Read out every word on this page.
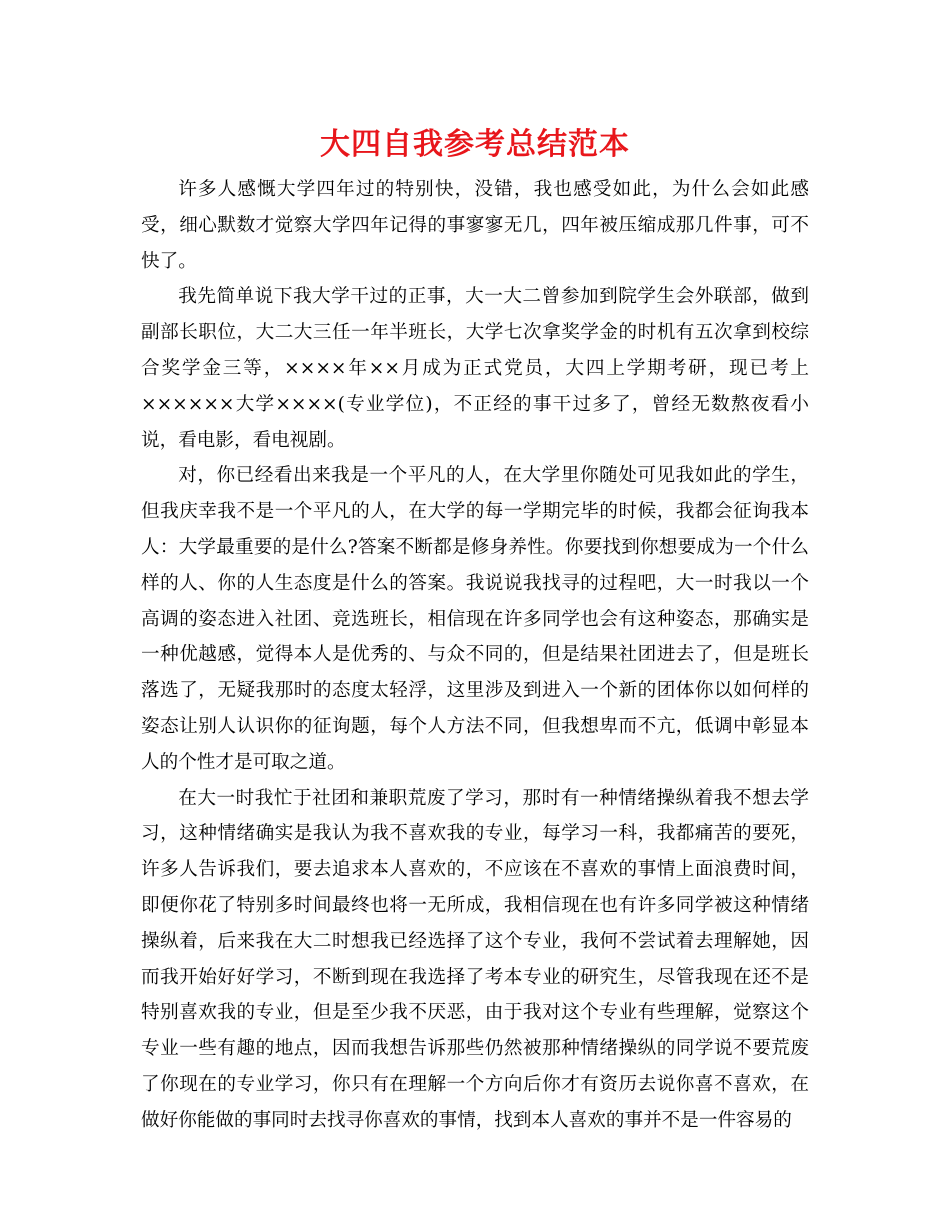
大四自我参考总结范本

许多人感慨大学四年过的特别快，没错，我也感受如此，为什么会如此感受，细心默数才觉察大学四年记得的事寥寥无几，四年被压缩成那几件事，可不快了。

我先简单说下我大学干过的正事，大一大二曾参加到院学生会外联部，做到副部长职位，大二大三任一年半班长，大学七次拿奖学金的时机有五次拿到校综合奖学金三等，××××年××月成为正式党员，大四上学期考研，现已考上××××××大学××××(专业学位)，不正经的事干过多了，曾经无数熬夜看小说，看电影，看电视剧。

对，你已经看出来我是一个平凡的人，在大学里你随处可见我如此的学生，但我庆幸我不是一个平凡的人，在大学的每一学期完毕的时候，我都会征询我本人：大学最重要的是什么?答案不断都是修身养性。你要找到你想要成为一个什么样的人、你的人生态度是什么的答案。我说说我找寻的过程吧，大一时我以一个高调的姿态进入社团、竞选班长，相信现在许多同学也会有这种姿态，那确实是一种优越感，觉得本人是优秀的、与众不同的，但是结果社团进去了，但是班长落选了，无疑我那时的态度太轻浮，这里涉及到进入一个新的团体你以如何样的姿态让别人认识你的征询题，每个人方法不同，但我想卑而不亢，低调中彰显本人的个性才是可取之道。

在大一时我忙于社团和兼职荒废了学习，那时有一种情绪操纵着我不想去学习，这种情绪确实是我认为我不喜欢我的专业，每学习一科，我都痛苦的要死，许多人告诉我们，要去追求本人喜欢的，不应该在不喜欢的事情上面浪费时间，即便你花了特别多时间最终也将一无所成，我相信现在也有许多同学被这种情绪操纵着，后来我在大二时想我已经选择了这个专业，我何不尝试着去理解她，因而我开始好好学习，不断到现在我选择了考本专业的研究生，尽管我现在还不是特别喜欢我的专业，但是至少我不厌恶，由于我对这个专业有些理解，觉察这个专业一些有趣的地点，因而我想告诉那些仍然被那种情绪操纵的同学说不要荒废了你现在的专业学习，你只有在理解一个方向后你才有资历去说你喜不喜欢，在做好你能做的事同时去找寻你喜欢的事情，找到本人喜欢的事并不是一件容易的
